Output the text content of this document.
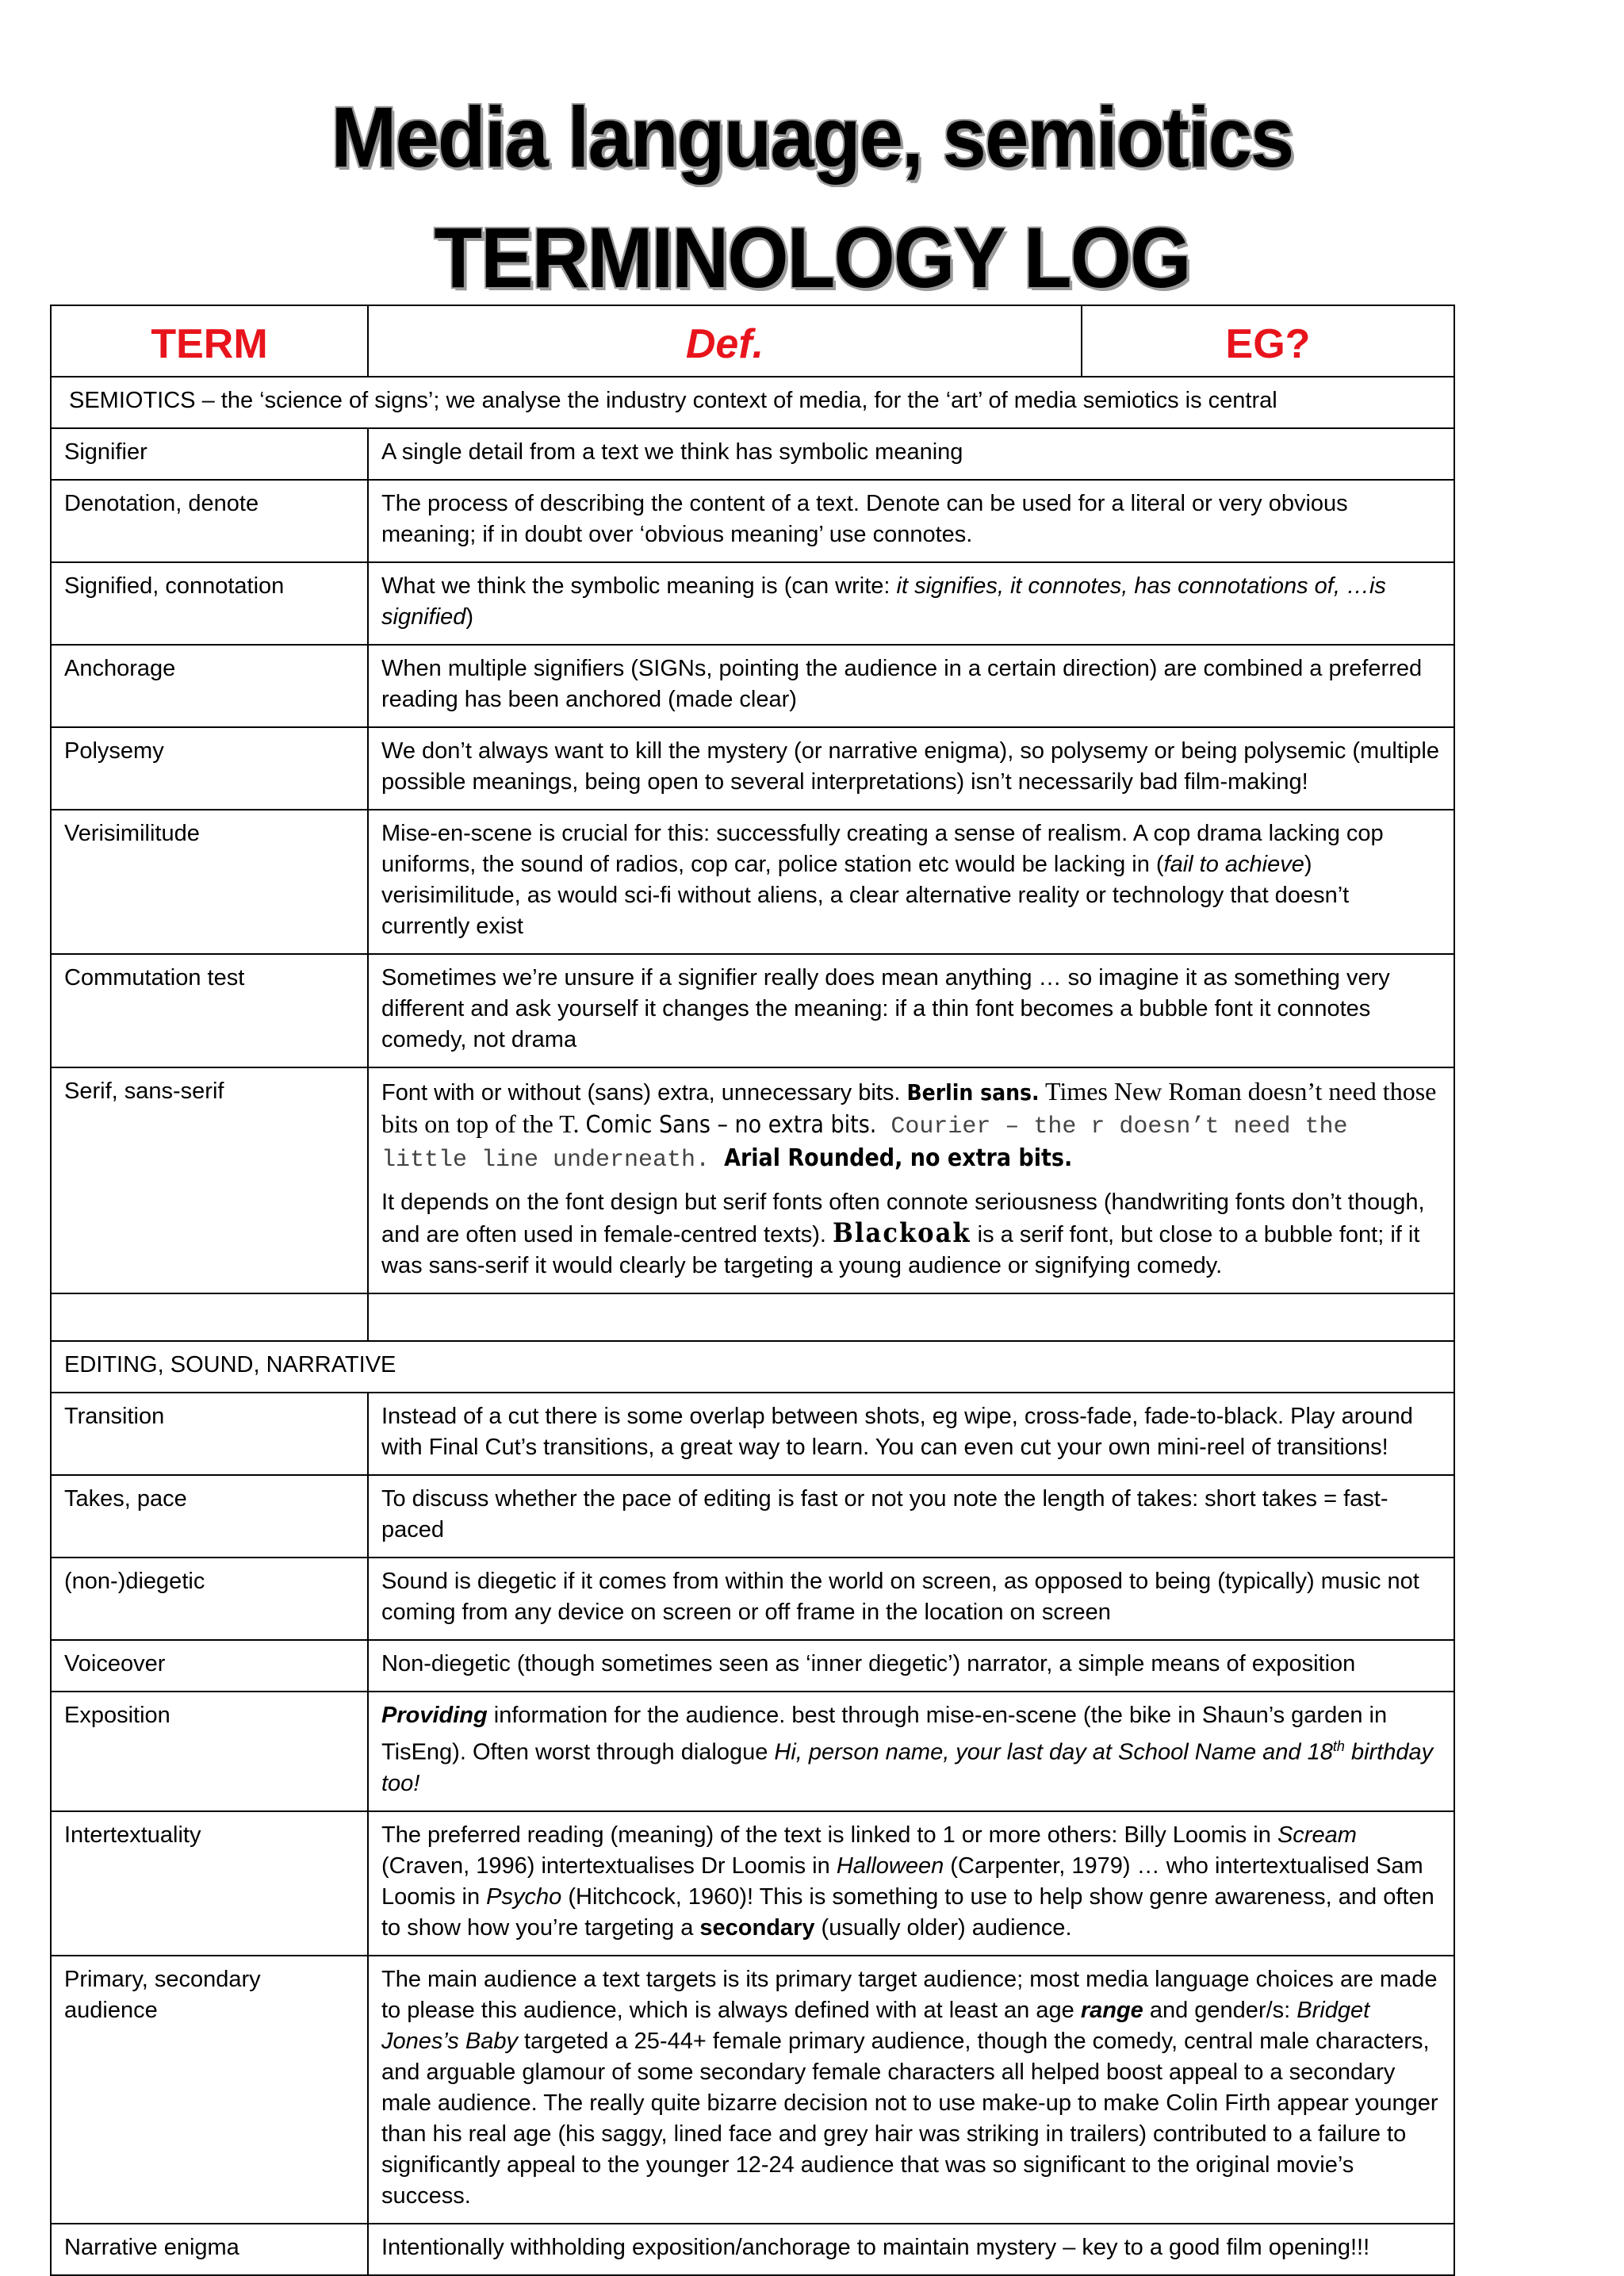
Media language, semiotics
TERMINOLOGY LOG
TERM	Def.	EG?
SEMIOTICS – the ‘science of signs’; we analyse the industry context of media, for the ‘art’ of media semiotics is central		
Signifier	A single detail from a text we think has symbolic meaning	
Denotation, denote	The process of describing the content of a text. Denote can be used for a literal or very obvious meaning; if in doubt over ‘obvious meaning’ use connotes.	
Signified, connotation	What we think the symbolic meaning is (can write: it signifies, it connotes, has connotations of, …is signified)	
Anchorage	When multiple signifiers (SIGNs, pointing the audience in a certain direction) are combined a preferred reading has been anchored (made clear)	
Polysemy	We don’t always want to kill the mystery (or narrative enigma), so polysemy or being polysemic (multiple possible meanings, being open to several interpretations) isn’t necessarily bad film-making!	
Verisimilitude	Mise-en-scene is crucial for this: successfully creating a sense of realism. A cop drama lacking cop uniforms, the sound of radios, cop car, police station etc would be lacking in (fail to achieve) verisimilitude, as would sci-fi without aliens, a clear alternative reality or technology that doesn’t currently exist	
Commutation test	Sometimes we’re unsure if a signifier really does mean anything … so imagine it as something very different and ask yourself it changes the meaning: if a thin font becomes a bubble font it connotes comedy, not drama	
Serif, sans-serif	Font with or without (sans) extra, unnecessary bits. Berlin sans. Times New Roman doesn’t need those bits on top of the T. Comic Sans – no extra bits. Courier – the r doesn’t need the little line underneath. Arial Rounded, no extra bits.
It depends on the font design but serif fonts often connote seriousness (handwriting fonts don’t though, and are often used in female-centred texts). Blackoak is a serif font, but close to a bubble font; if it was sans-serif it would clearly be targeting a young audience or signifying comedy.	

EDITING, SOUND, NARRATIVE		
Transition	Instead of a cut there is some overlap between shots, eg wipe, cross-fade, fade-to-black. Play around with Final Cut’s transitions, a great way to learn. You can even cut your own mini-reel of transitions!	
Takes, pace	To discuss whether the pace of editing is fast or not you note the length of takes: short takes = fast-paced	
(non-)diegetic	Sound is diegetic if it comes from within the world on screen, as opposed to being (typically) music not coming from any device on screen or off frame in the location on screen	
Voiceover	Non-diegetic (though sometimes seen as ‘inner diegetic’) narrator, a simple means of exposition	
Exposition	Providing information for the audience. best through mise-en-scene (the bike in Shaun’s garden in TisEng). Often worst through dialogue Hi, person name, your last day at School Name and 18th birthday too!	
Intertextuality	The preferred reading (meaning) of the text is linked to 1 or more others: Billy Loomis in Scream (Craven, 1996) intertextualises Dr Loomis in Halloween (Carpenter, 1979) … who intertextualised Sam Loomis in Psycho (Hitchcock, 1960)! This is something to use to help show genre awareness, and often to show how you’re targeting a secondary (usually older) audience.	
Primary, secondary audience	The main audience a text targets is its primary target audience; most media language choices are made to please this audience, which is always defined with at least an age range and gender/s: Bridget Jones’s Baby targeted a 25-44+ female primary audience, though the comedy, central male characters, and arguable glamour of some secondary female characters all helped boost appeal to a secondary male audience. The really quite bizarre decision not to use make-up to make Colin Firth appear younger than his real age (his saggy, lined face and grey hair was striking in trailers) contributed to a failure to significantly appeal to the younger 12-24 audience that was so significant to the original movie’s success.	
Narrative enigma	Intentionally withholding exposition/anchorage to maintain mystery – key to a good film opening!!!	
